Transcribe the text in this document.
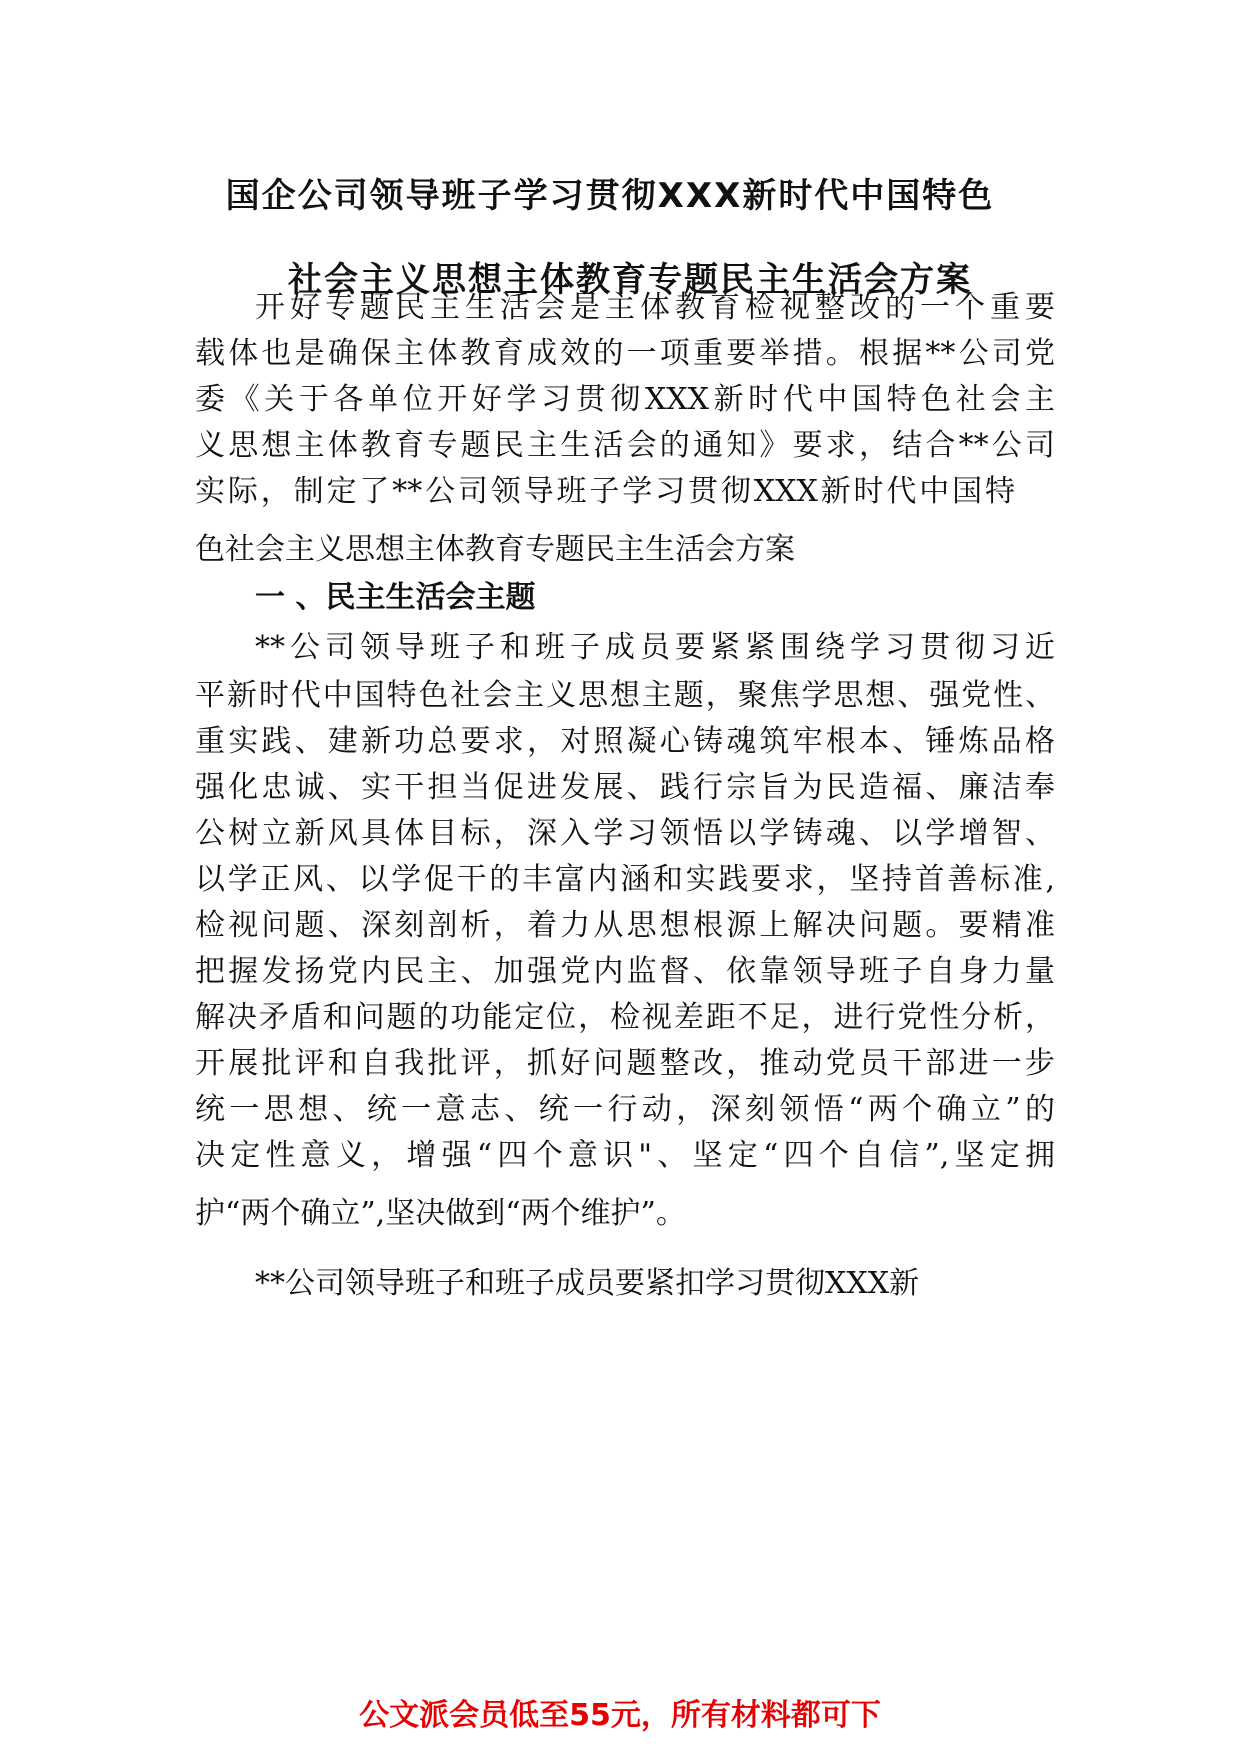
国企公司领导班子学习贯彻XXX新时代中国特色
社会主义思想主体教育专题民主生活会方案
开好专题民主生活会是主体教育检视整改的一个重要
载体也是确保主体教育成效的一项重要举措。根据**公司党
委《关于各单位开好学习贯彻XXX新时代中国特色社会主
义思想主体教育专题民主生活会的通知》要求，结合**公司
实际，制定了**公司领导班子学习贯彻XXX新时代中国特
色社会主义思想主体教育专题民主生活会方案
一 、民主生活会主题
**公司领导班子和班子成员要紧紧围绕学习贯彻习近
平新时代中国特色社会主义思想主题，聚焦学思想、强党性、
重实践、建新功总要求，对照凝心铸魂筑牢根本、锤炼品格
强化忠诚、实干担当促进发展、践行宗旨为民造福、廉洁奉
公树立新风具体目标，深入学习领悟以学铸魂、以学增智、
以学正风、以学促干的丰富内涵和实践要求，坚持首善标准,
检视问题、深刻剖析，着力从思想根源上解决问题。要精准
把握发扬党内民主、加强党内监督、依靠领导班子自身力量
解决矛盾和问题的功能定位，检视差距不足，进行党性分析，
开展批评和自我批评，抓好问题整改，推动党员干部进一步
统一思想、统一意志、统一行动，深刻领悟“两个确立”的
决定性意义，增强“四个意识"、坚定“四个自信”,坚定拥
护“两个确立”,坚决做到“两个维护”。
**公司领导班子和班子成员要紧扣学习贯彻XXX新
公文派会员低至55元，所有材料都可下
